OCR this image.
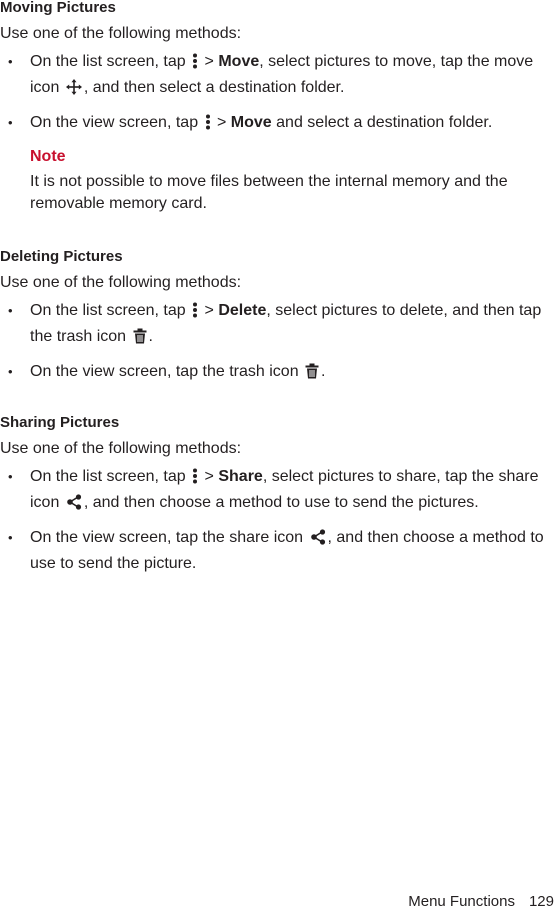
Moving Pictures
Use one of the following methods:
• On the list screen, tap > Move, select pictures to move, tap the move icon , and then select a destination folder.
• On the view screen, tap > Move and select a destination folder.
Note
It is not possible to move files between the internal memory and the removable memory card.
Deleting Pictures
Use one of the following methods:
• On the list screen, tap > Delete, select pictures to delete, and then tap the trash icon .
• On the view screen, tap the trash icon .
Sharing Pictures
Use one of the following methods:
• On the list screen, tap > Share, select pictures to share, tap the share icon , and then choose a method to use to send the pictures.
• On the view screen, tap the share icon , and then choose a method to use to send the picture.
Menu Functions 129
